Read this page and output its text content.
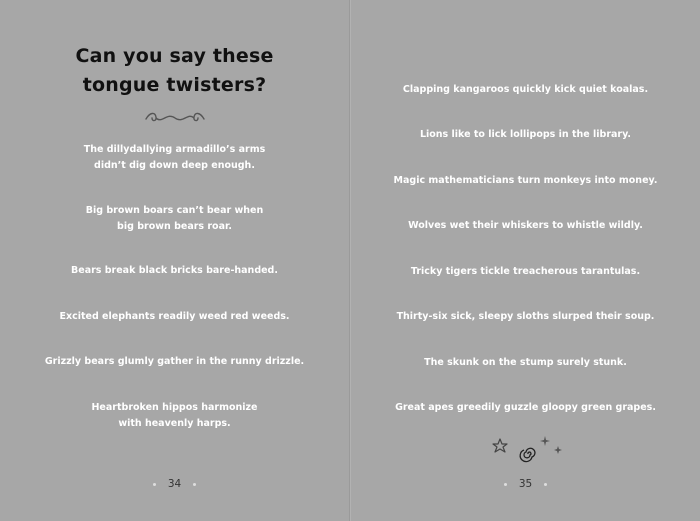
Can you say these
tongue twisters?
The dillydallying armadillo’s arms
didn’t dig down deep enough.
Big brown boars can’t bear when
big brown bears roar.
Bears break black bricks bare-handed.
Excited elephants readily weed red weeds.
Grizzly bears glumly gather in the runny drizzle.
Heartbroken hippos harmonize
with heavenly harps.
34
Clapping kangaroos quickly kick quiet koalas.
Lions like to lick lollipops in the library.
Magic mathematicians turn monkeys into money.
Wolves wet their whiskers to whistle wildly.
Tricky tigers tickle treacherous tarantulas.
Thirty-six sick, sleepy sloths slurped their soup.
The skunk on the stump surely stunk.
Great apes greedily guzzle gloopy green grapes.
35
